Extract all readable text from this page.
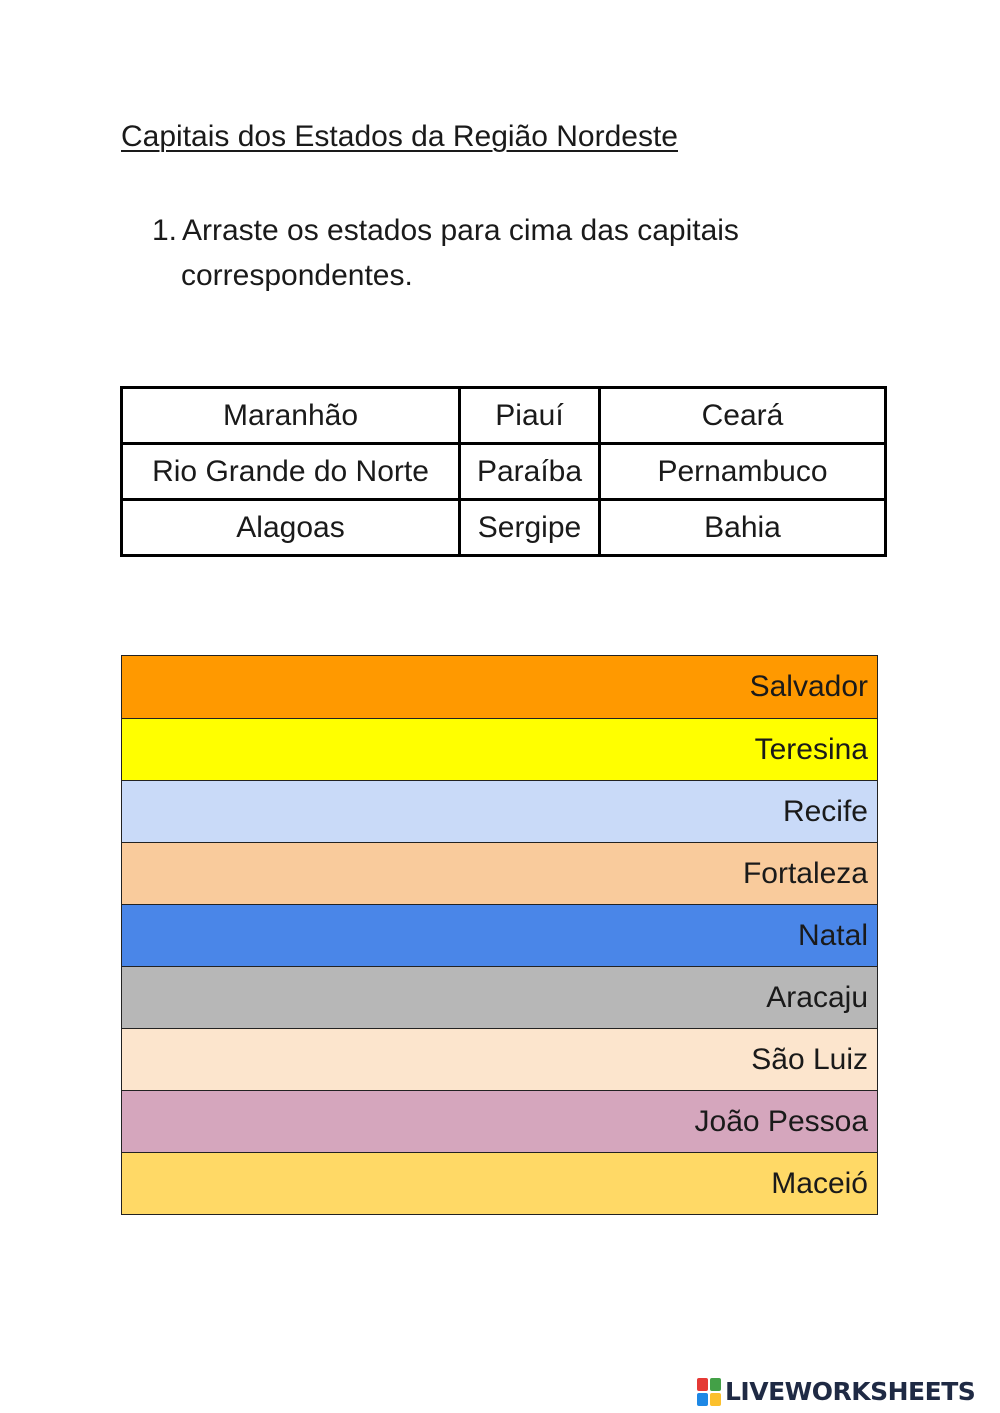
Capitais dos Estados da Região Nordeste
1. Arraste os estados para cima das capitais
correspondentes.
Maranhão	Piauí	Ceará
Rio Grande do Norte	Paraíba	Pernambuco
Alagoas	Sergipe	Bahia
Salvador
Teresina
Recife
Fortaleza
Natal
Aracaju
São Luiz
João Pessoa
Maceió
LIVEWORKSHEETS
